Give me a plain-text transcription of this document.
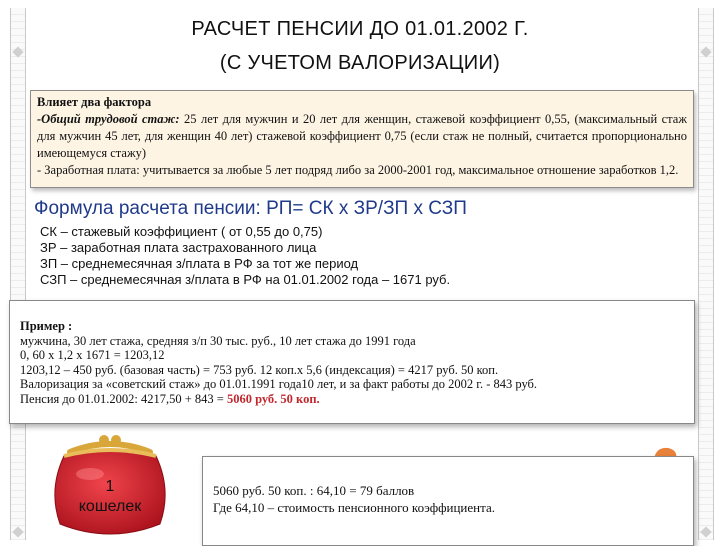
РАСЧЕТ ПЕНСИИ ДО 01.01.2002 Г.
(С УЧЕТОМ ВАЛОРИЗАЦИИ)
Влияет два фактора
-Общий трудовой стаж: 25 лет для мужчин и 20 лет для женщин, стажевой коэффициент 0,55, (максимальный стаж для мужчин 45 лет, для женщин 40 лет) стажевой коэффициент 0,75 (если стаж не полный, считается пропорционально имеющемуся стажу)
- Заработная плата: учитывается за любые 5 лет подряд либо за 2000-2001 год, максимальное отношение заработков 1,2.
Формула расчета пенсии: РП= СК х ЗР/ЗП х СЗП
СК – стажевый коэффициент ( от 0,55 до 0,75)
ЗР – заработная плата застрахованного лица
ЗП – среднемесячная з/плата в РФ за тот же период
СЗП – среднемесячная з/плата в РФ на 01.01.2002 года – 1671 руб.
Пример :
мужчина, 30 лет стажа, средняя з/п 30 тыс. руб., 10 лет стажа до 1991 года
0, 60 х 1,2 х 1671 = 1203,12
1203,12 – 450 руб. (базовая часть) = 753 руб. 12 коп.х 5,6 (индексация) = 4217 руб. 50 коп.
Валоризация за «советский стаж» до 01.01.1991 года10 лет, и за факт работы до 2002 г. - 843 руб.
Пенсия до 01.01.2002: 4217,50 + 843 = 5060 руб. 50 коп.
1
кошелек
5060 руб. 50 коп. : 64,10 = 79 баллов
Где 64,10 – стоимость пенсионного коэффициента.
